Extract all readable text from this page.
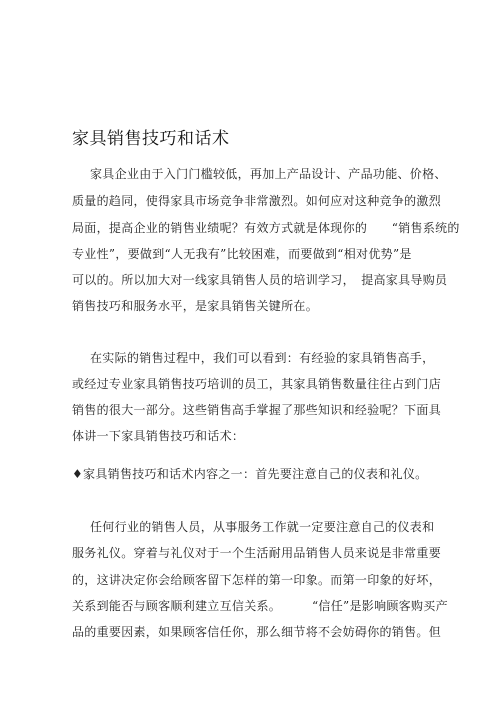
家具销售技巧和话术
家具企业由于入门门槛较低，再加上产品设计、产品功能、价格、
质量的趋同，使得家具市场竞争非常激烈。如何应对这种竞争的激烈
局面，提高企业的销售业绩呢？有效方式就是体现你的　　“销售系统的
专业性”，要做到“人无我有”比较困难，而要做到“相对优势”是
可以的。所以加大对一线家具销售人员的培训学习，　提高家具导购员
销售技巧和服务水平，是家具销售关键所在。
在实际的销售过程中，我们可以看到：有经验的家具销售高手，
或经过专业家具销售技巧培训的员工，其家具销售数量往往占到门店
销售的很大一部分。这些销售高手掌握了那些知识和经验呢？下面具
体讲一下家具销售技巧和话术：
♦家具销售技巧和话术内容之一：首先要注意自己的仪表和礼仪。
任何行业的销售人员，从事服务工作就一定要注意自己的仪表和
服务礼仪。穿着与礼仪对于一个生活耐用品销售人员来说是非常重要
的，这讲决定你会给顾客留下怎样的第一印象。而第一印象的好坏，
关系到能否与顾客顺利建立互信关系。　　　“信任”是影响顾客购买产
品的重要因素，如果顾客信任你，那么细节将不会妨碍你的销售。但
